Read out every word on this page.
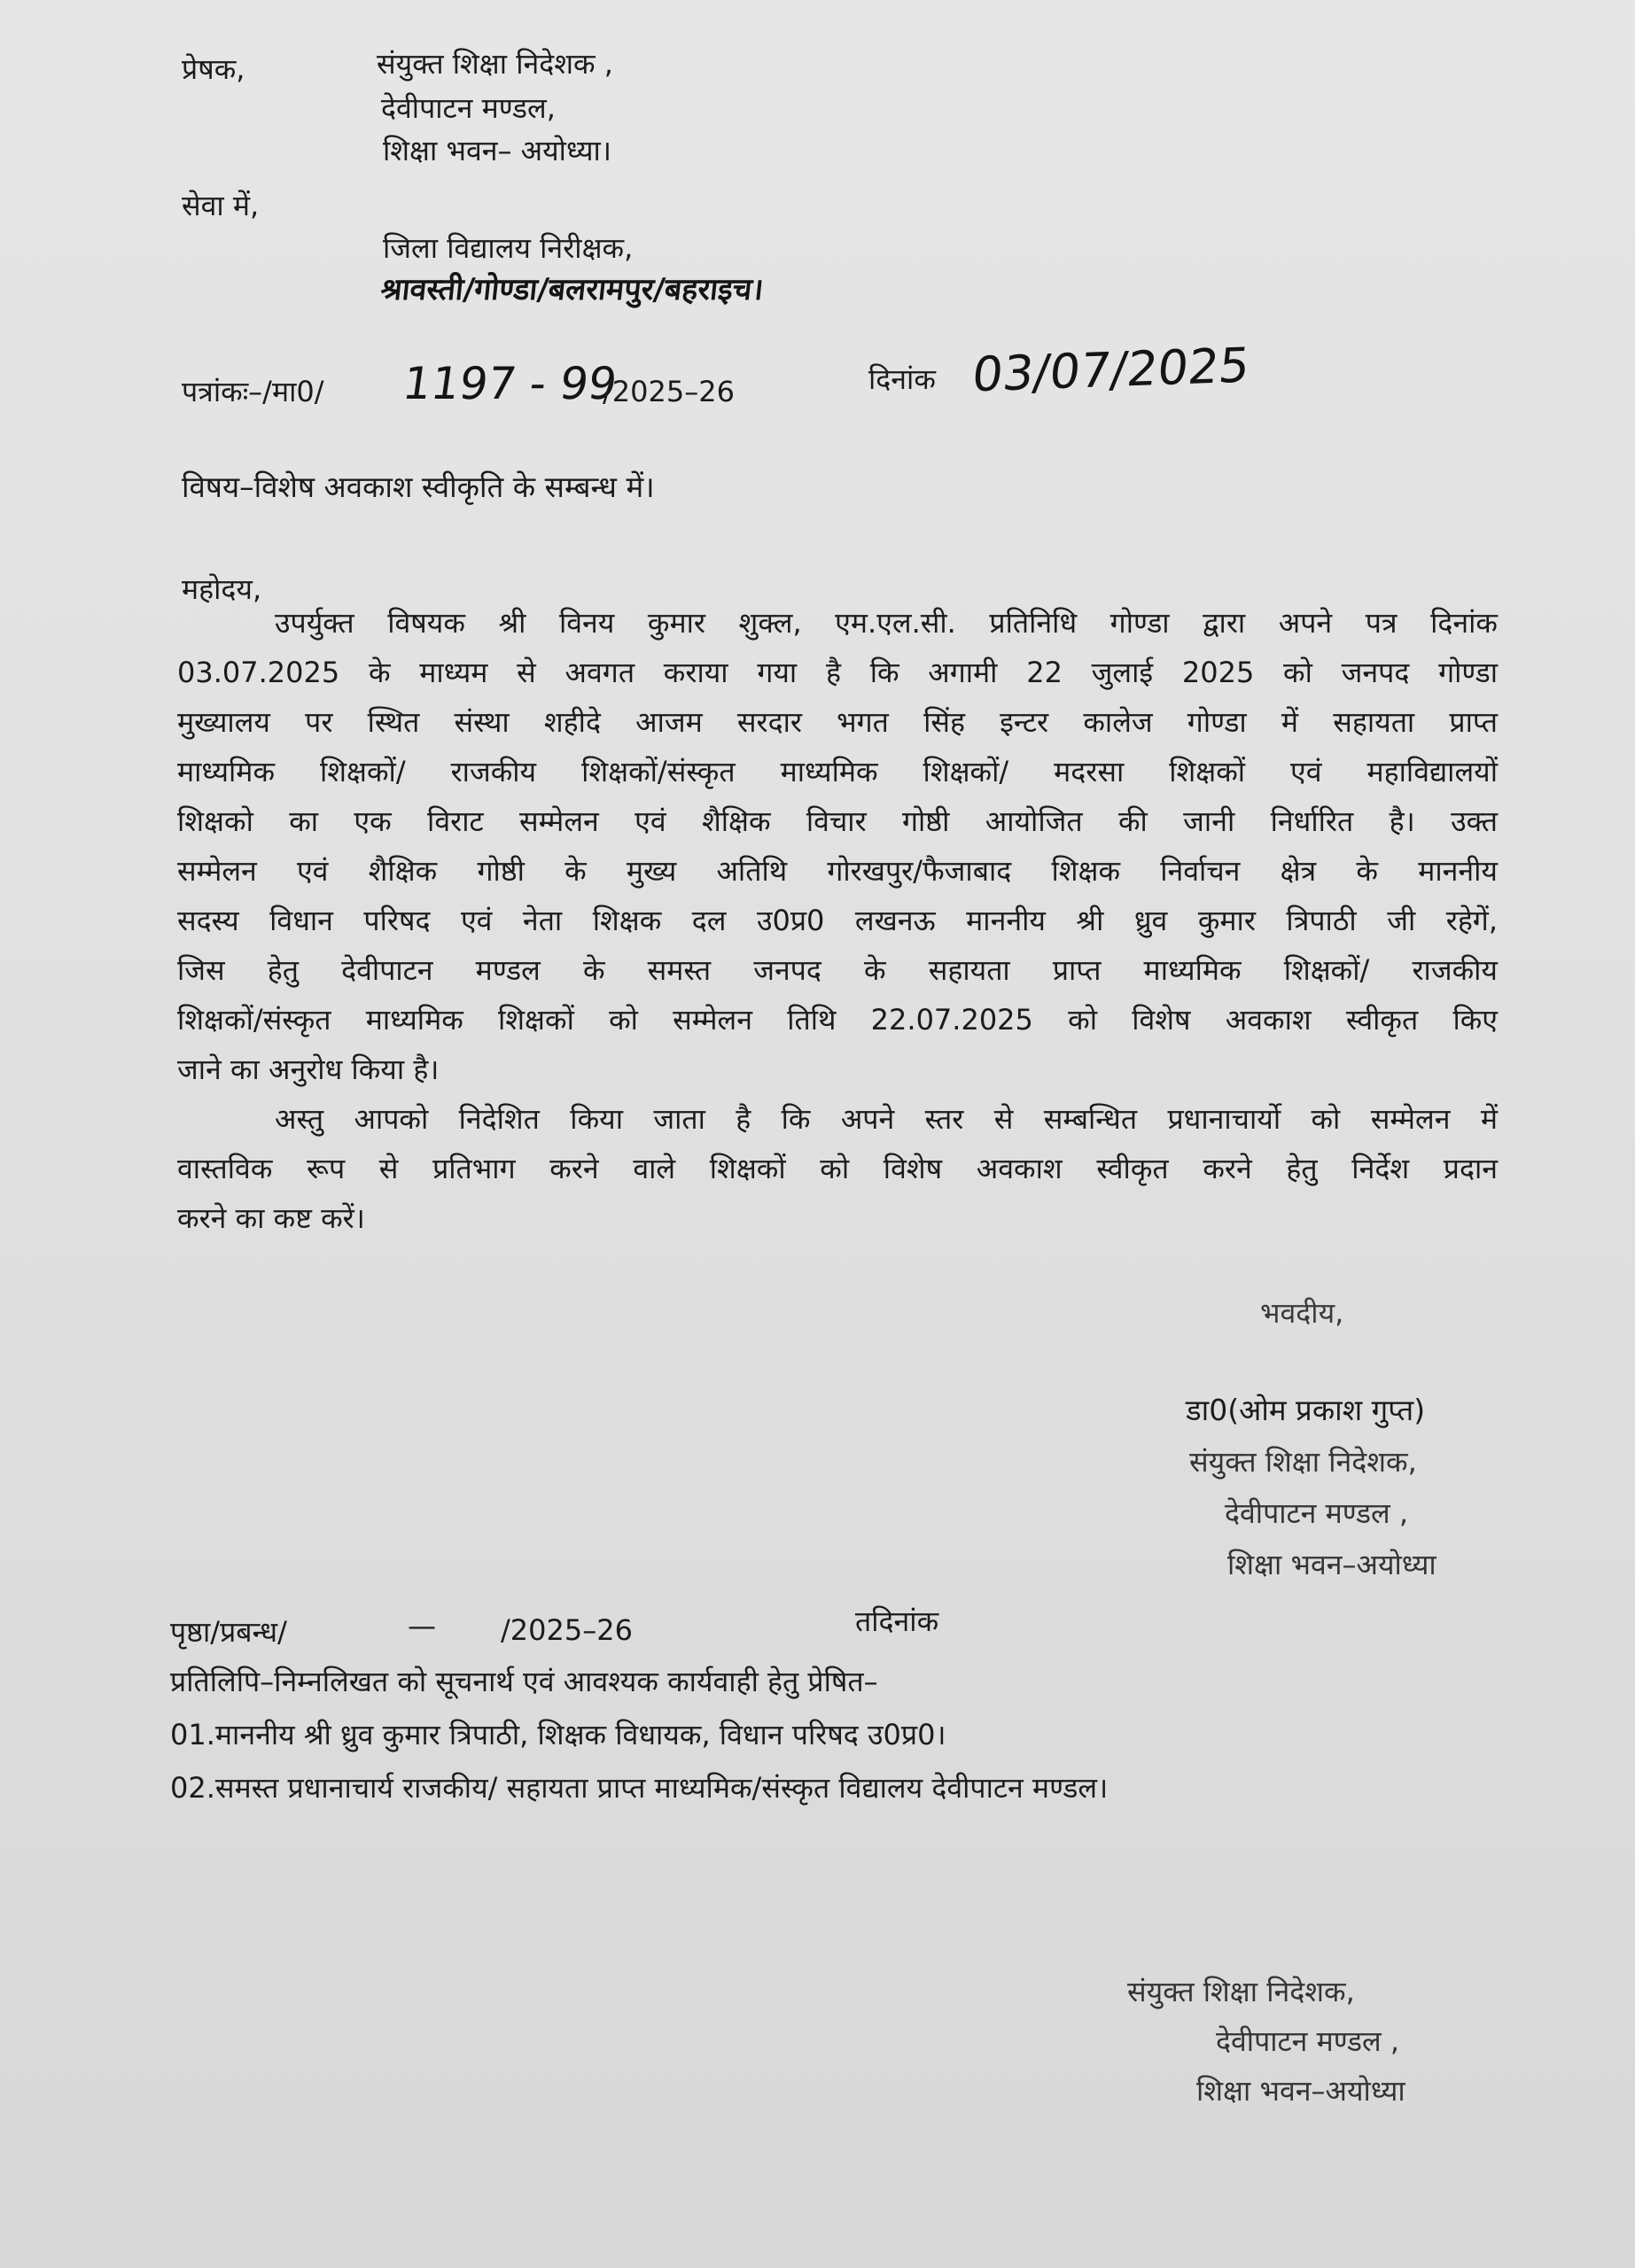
प्रेषक,	संयुक्त शिक्षा निदेशक ,
देवीपाटन मण्डल,
शिक्षा भवन– अयोध्या।
सेवा में,
जिला विद्यालय निरीक्षक,
श्रावस्ती/गोण्डा/बलरामपुर/बहराइच।
पत्रांकः–/मा0/ 1197 - 99
/2025–26	दिनांक 03/07/2025
विषय–विशेष अवकाश स्वीकृति के सम्बन्ध में।
महोदय,

उपर्युक्त विषयक श्री विनय कुमार शुक्ल, एम.एल.सी. प्रतिनिधि गोण्डा द्वारा अपने पत्र दिनांक

03.07.2025 के माध्यम से अवगत कराया गया है कि अगामी 22 जुलाई 2025 को जनपद गोण्डा

मुख्यालय पर स्थित संस्था शहीदे आजम सरदार भगत सिंह इन्टर कालेज गोण्डा में सहायता प्राप्त

माध्यमिक शिक्षकों/ राजकीय शिक्षकों/संस्कृत माध्यमिक शिक्षकों/ मदरसा शिक्षकों एवं महाविद्यालयों

शिक्षको का एक विराट सम्मेलन एवं शैक्षिक विचार गोष्ठी आयोजित की जानी निर्धारित है। उक्त

सम्मेलन एवं शैक्षिक गोष्ठी के मुख्य अतिथि गोरखपुर/फैजाबाद शिक्षक निर्वाचन क्षेत्र के माननीय

सदस्य विधान परिषद एवं नेता शिक्षक दल उ0प्र0 लखनऊ माननीय श्री ध्रुव कुमार त्रिपाठी जी रहेगें,

जिस हेतु देवीपाटन मण्डल के समस्त जनपद के सहायता प्राप्त माध्यमिक शिक्षकों/ राजकीय

शिक्षकों/संस्कृत माध्यमिक शिक्षकों को सम्मेलन तिथि 22.07.2025 को विशेष अवकाश स्वीकृत किए

जाने का अनुरोध किया है।

अस्तु आपको निदेशित किया जाता है कि अपने स्तर से सम्बन्धित प्रधानाचार्यो को सम्मेलन में

वास्तविक रूप से प्रतिभाग करने वाले शिक्षकों को विशेष अवकाश स्वीकृत करने हेतु निर्देश प्रदान

करने का कष्ट करें।

भवदीय,
डा0(ओम प्रकाश गुप्त)
संयुक्त शिक्षा निदेशक,
देवीपाटन मण्डल ,
शिक्षा भवन–अयोध्या
पृष्ठा/प्रबन्ध/	— /2025–26	तदिनांक
प्रतिलिपि–निम्नलिखत को सूचनार्थ एवं आवश्यक कार्यवाही हेतु प्रेषित–
01.माननीय श्री ध्रुव कुमार त्रिपाठी, शिक्षक विधायक, विधान परिषद उ0प्र0।
02.समस्त प्रधानाचार्य राजकीय/ सहायता प्राप्त माध्यमिक/संस्कृत विद्यालय देवीपाटन मण्डल।
संयुक्त शिक्षा निदेशक,
देवीपाटन मण्डल ,
शिक्षा भवन–अयोध्या
